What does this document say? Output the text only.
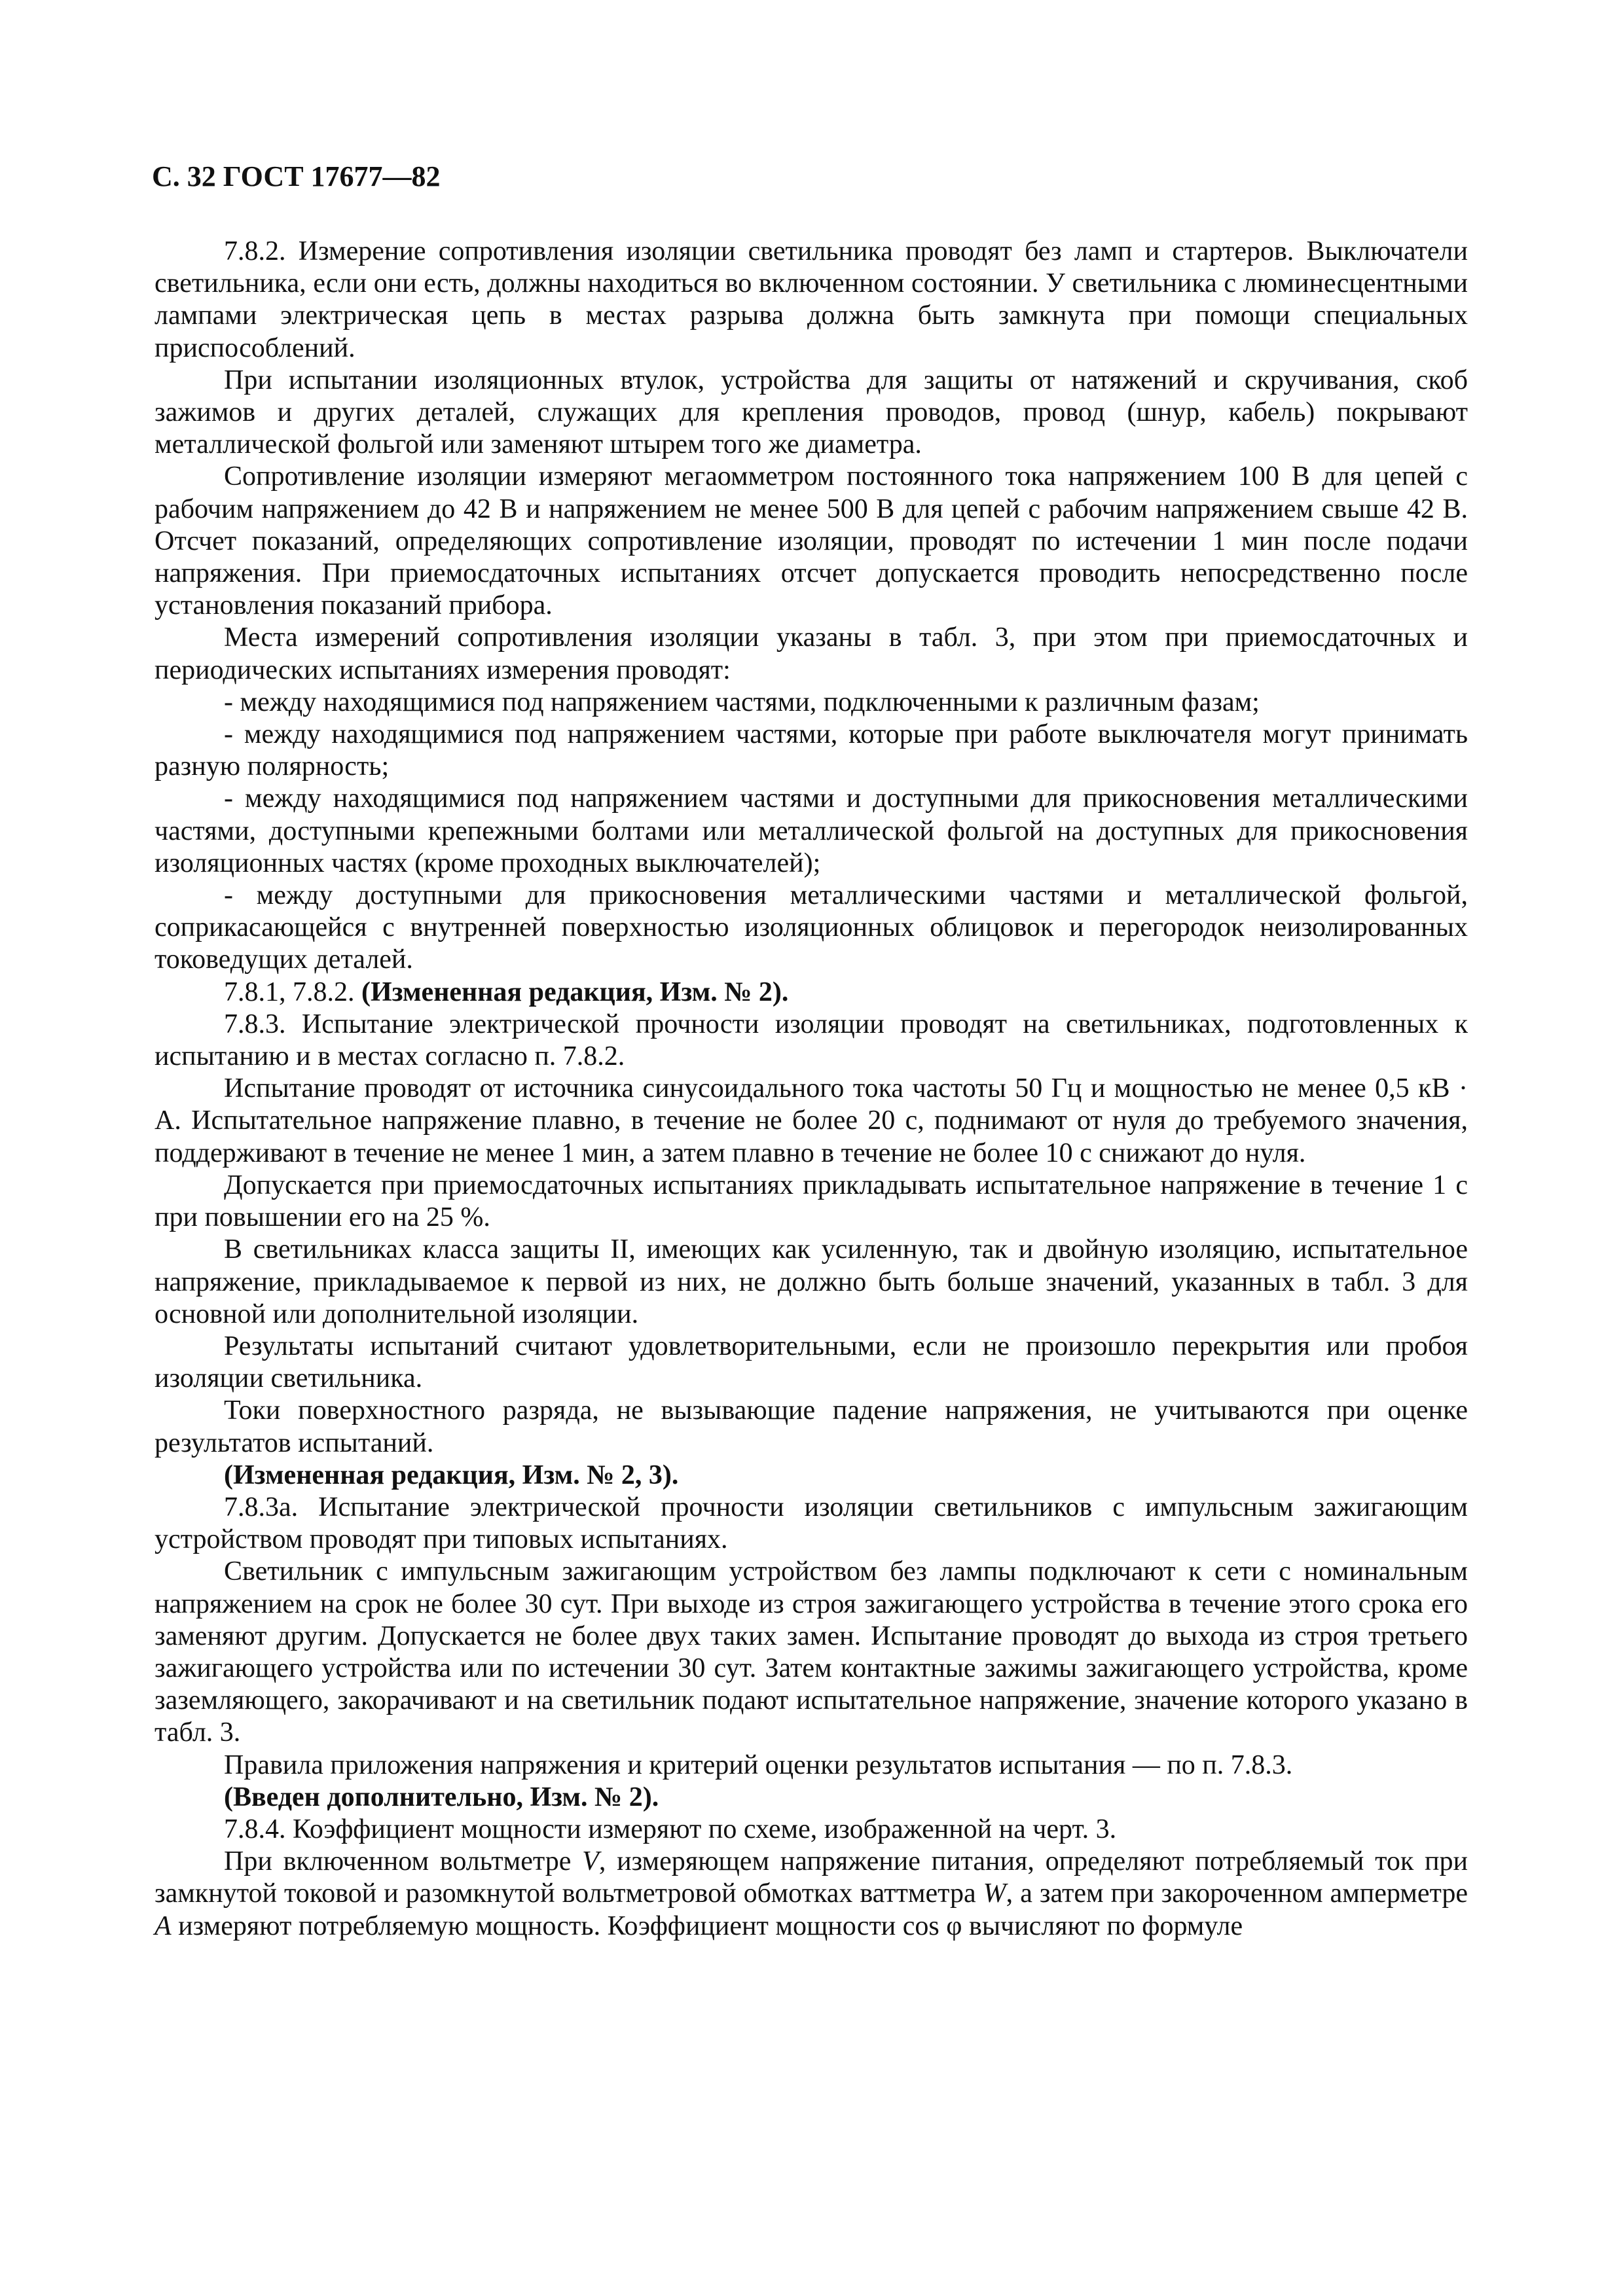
С. 32 ГОСТ 17677—82

7.8.2. Измерение сопротивления изоляции светильника проводят без ламп и стартеров. Выключатели светильника, если они есть, должны находиться во включенном состоянии. У светильника с люминесцентными лампами электрическая цепь в местах разрыва должна быть замкнута при помощи специальных приспособлений.

При испытании изоляционных втулок, устройства для защиты от натяжений и скручивания, скоб зажимов и других деталей, служащих для крепления проводов, провод (шнур, кабель) покрывают металлической фольгой или заменяют штырем того же диаметра.

Сопротивление изоляции измеряют мегаомметром постоянного тока напряжением 100 В для цепей с рабочим напряжением до 42 В и напряжением не менее 500 В для цепей с рабочим напряжением свыше 42 В. Отсчет показаний, определяющих сопротивление изоляции, проводят по истечении 1 мин после подачи напряжения. При приемосдаточных испытаниях отсчет допускается проводить непосредственно после установления показаний прибора.

Места измерений сопротивления изоляции указаны в табл. 3, при этом при приемосдаточных и периодических испытаниях измерения проводят:

- между находящимися под напряжением частями, подключенными к различным фазам;

- между находящимися под напряжением частями, которые при работе выключателя могут принимать разную полярность;

- между находящимися под напряжением частями и доступными для прикосновения металлическими частями, доступными крепежными болтами или металлической фольгой на доступных для прикосновения изоляционных частях (кроме проходных выключателей);

- между доступными для прикосновения металлическими частями и металлической фольгой, соприкасающейся с внутренней поверхностью изоляционных облицовок и перегородок неизолированных токоведущих деталей.

7.8.1, 7.8.2. (Измененная редакция, Изм. № 2).

7.8.3. Испытание электрической прочности изоляции проводят на светильниках, подготовленных к испытанию и в местах согласно п. 7.8.2.

Испытание проводят от источника синусоидального тока частоты 50 Гц и мощностью не менее 0,5 кВ · А. Испытательное напряжение плавно, в течение не более 20 с, поднимают от нуля до требуемого значения, поддерживают в течение не менее 1 мин, а затем плавно в течение не более 10 с снижают до нуля.

Допускается при приемосдаточных испытаниях прикладывать испытательное напряжение в течение 1 с при повышении его на 25 %.

В светильниках класса защиты II, имеющих как усиленную, так и двойную изоляцию, испытательное напряжение, прикладываемое к первой из них, не должно быть больше значений, указанных в табл. 3 для основной или дополнительной изоляции.

Результаты испытаний считают удовлетворительными, если не произошло перекрытия или пробоя изоляции светильника.

Токи поверхностного разряда, не вызывающие падение напряжения, не учитываются при оценке результатов испытаний.

(Измененная редакция, Изм. № 2, 3).

7.8.3а. Испытание электрической прочности изоляции светильников с импульсным зажигающим устройством проводят при типовых испытаниях.

Светильник с импульсным зажигающим устройством без лампы подключают к сети с номинальным напряжением на срок не более 30 сут. При выходе из строя зажигающего устройства в течение этого срока его заменяют другим. Допускается не более двух таких замен. Испытание проводят до выхода из строя третьего зажигающего устройства или по истечении 30 сут. Затем контактные зажимы зажигающего устройства, кроме заземляющего, закорачивают и на светильник подают испытательное напряжение, значение которого указано в табл. 3.

Правила приложения напряжения и критерий оценки результатов испытания — по п. 7.8.3.

(Введен дополнительно, Изм. № 2).

7.8.4. Коэффициент мощности измеряют по схеме, изображенной на черт. 3.

При включенном вольтметре V, измеряющем напряжение питания, определяют потребляемый ток при замкнутой токовой и разомкнутой вольтметровой обмотках ваттметра W, а затем при закороченном амперметре A измеряют потребляемую мощность. Коэффициент мощности cos φ вычисляют по формуле
